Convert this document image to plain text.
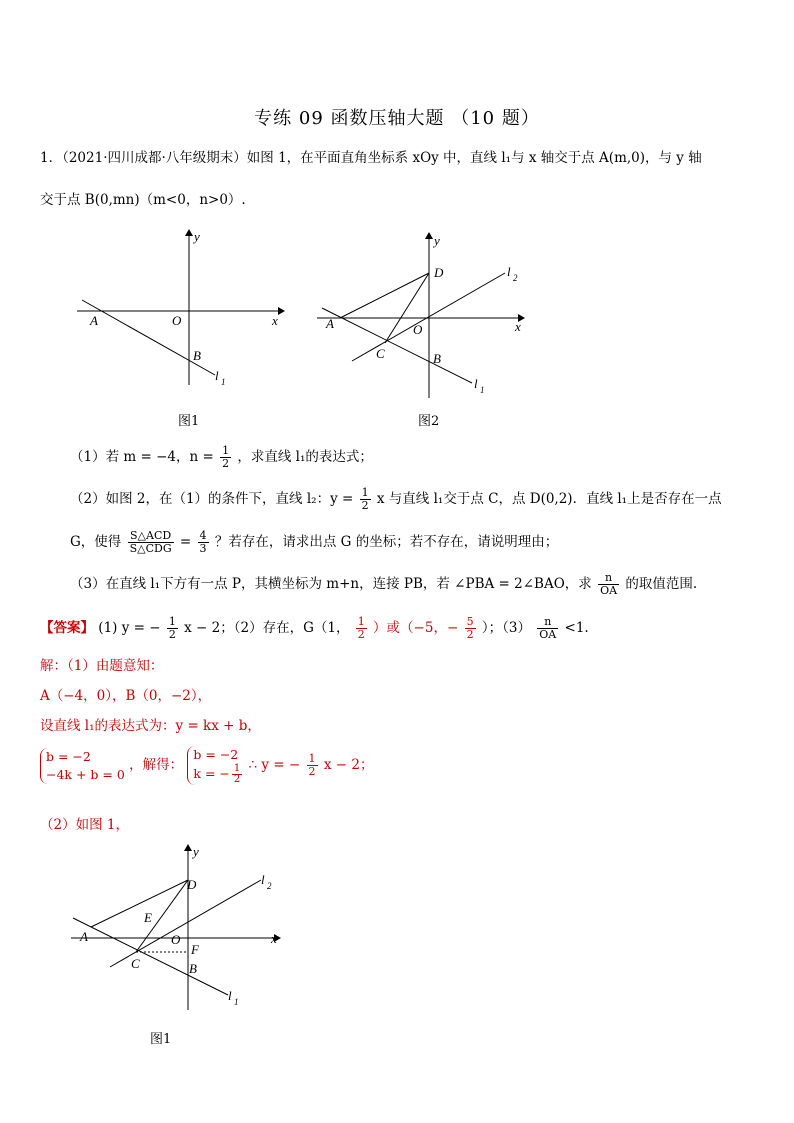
专练 09 函数压轴大题 （10 题）
1．（2021·四川成都·八年级期末）如图 1，在平面直角坐标系 xOy 中，直线 l₁与 x 轴交于点 A(m,0)，与 y 轴
交于点 B(0,mn)（m<0，n>0）.
A	O	x
y
B
l 1
图1
A	O	x
y
D
C	B
l 2
l 1
图2
（1）若 m = −4，$n = \frac{1}{2}$ ，求直线 l₁的表达式；
（2）如图 2，在（1）的条件下，直线 l₂：$y = \frac{1}{2}$ x 与直线 l₁交于点 C，点 D(0,2)．直线 l₁上是否存在一点
G，使得 $\frac{\text{S△ACD}}{\text{S△CDG}} = \frac{4}{3}$ ？若存在，请求出点 G 的坐标；若不存在，请说明理由；
（3）在直线 l₁下方有一点 P，其横坐标为 m+n，连接 PB，若 ∠PBA = 2∠BAO，求 $\frac{n}{OA}$ 的取值范围.
【答案】 (1) y = − $\frac{1}{2}$ x − 2；（2）存在，G（1， $\frac{1}{2}$ ）或（−5，− $\frac{5}{2}$ ）；$(3) \frac{n}{OA} <1$.
解：（1）由题意知：
A（−4，0），B（0，−2），
设直线 l₁的表达式为：y = kx + b，
b = −2
−4k + b = 0
，解得：
b = −2
k = − $\frac{1}{2}$ ∴ y = − $\frac{1}{2}$ x − 2；
（2）如图 1，
A
E
O	x
y
D
C
F
B
l 2
l 1
图1
